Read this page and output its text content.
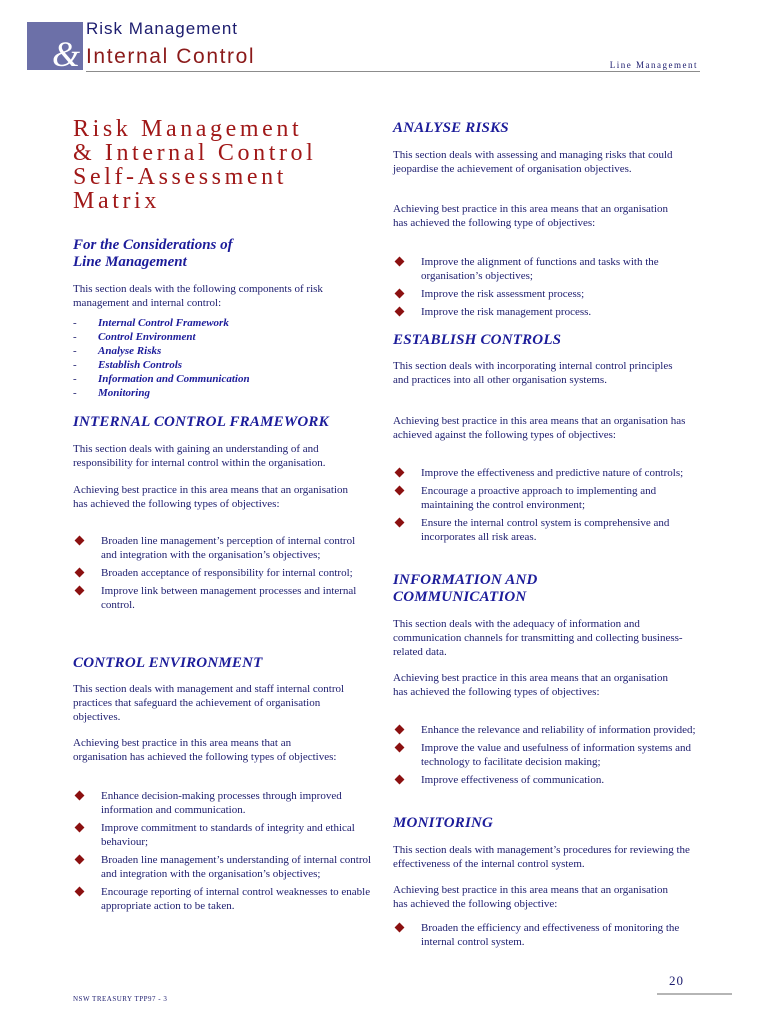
&
Risk Management
Internal Control	Line Management
Risk Management
& Internal Control
Self-Assessment
Matrix
For the Considerations of
Line Management

This section deals with the following components of risk management and internal control:

- Internal Control Framework
- Control Environment
- Analyse Risks
- Establish Controls
- Information and Communication
- Monitoring
INTERNAL CONTROL FRAMEWORK

This section deals with gaining an understanding of and responsibility for internal control within the organisation.

Achieving best practice in this area means that an organisation has achieved the following types of objectives:

Broaden line management’s perception of internal control and integration with the organisation’s objectives;
Broaden acceptance of responsibility for internal control;
Improve link between management processes and internal control.
CONTROL ENVIRONMENT

This section deals with management and staff internal control practices that safeguard the achievement of organisation objectives.

Achieving best practice in this area means that an organisation has achieved the following types of objectives:

Enhance decision-making processes through improved information and communication.
Improve commitment to standards of integrity and ethical behaviour;
Broaden line management’s understanding of internal control and integration with the organisation’s objectives;
Encourage reporting of internal control weaknesses to enable appropriate action to be taken.
ANALYSE RISKS

This section deals with assessing and managing risks that could jeopardise the achievement of organisation objectives.

Achieving best practice in this area means that an organisation has achieved the following type of objectives:

Improve the alignment of functions and tasks with the organisation’s objectives;
Improve the risk assessment process;
Improve the risk management process.
ESTABLISH CONTROLS

This section deals with incorporating internal control principles and practices into all other organisation systems.

Achieving best practice in this area means that an organisation has achieved against the following types of objectives:

Improve the effectiveness and predictive nature of controls;
Encourage a proactive approach to implementing and maintaining the control environment;
Ensure the internal control system is comprehensive and incorporates all risk areas.
INFORMATION AND
COMMUNICATION

This section deals with the adequacy of information and communication channels for transmitting and collecting business-related data.

Achieving best practice in this area means that an organisation has achieved the following types of objectives:

Enhance the relevance and reliability of information provided;
Improve the value and usefulness of information systems and technology to facilitate decision making;
Improve effectiveness of communication.
MONITORING

This section deals with management’s procedures for reviewing the effectiveness of the internal control system.

Achieving best practice in this area means that an organisation has achieved the following objective:

Broaden the efficiency and effectiveness of monitoring the internal control system.
20
NSW TREASURY TPP97 - 3
